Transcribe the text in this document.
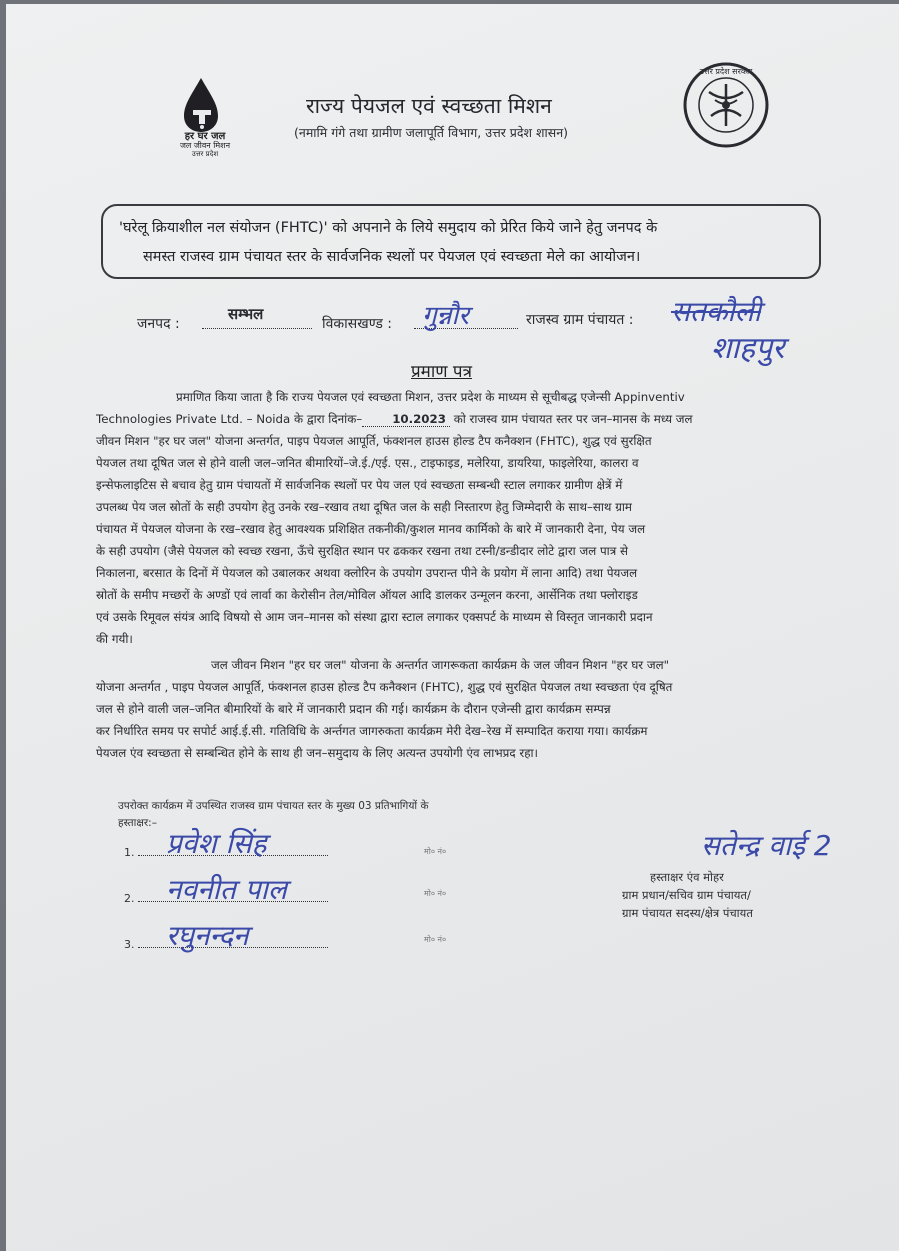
हर घर जल
जल जीवन मिशन
उत्तर प्रदेश
राज्य पेयजल एवं स्वच्छता मिशन
(नमामि गंगे तथा ग्रामीण जलापूर्ति विभाग, उत्तर प्रदेश शासन)
उत्तर प्रदेश सरकार
'घरेलू क्रियाशील नल संयोजन (FHTC)' को अपनाने के लिये समुदाय को प्रेरित किये जाने हेतु जनपद के
समस्त राजस्व ग्राम पंचायत स्तर के सार्वजनिक स्थलों पर पेयजल एवं स्वच्छता मेले का आयोजन।
जनपद :
सम्भल
विकासखण्ड : गुन्नौर	राजस्व ग्राम पंचायत : सतकौली
शाहपुर
प्रमाण पत्र
प्रमाणित किया जाता है कि राज्य पेयजल एवं स्वच्छता मिशन, उत्तर प्रदेश के माध्यम से सूचीबद्ध एजेन्सी Appinventiv
Technologies Private Ltd. – Noida के द्वारा दिनांक–	10.2023 को राजस्व ग्राम पंचायत स्तर पर जन–मानस के मध्य जल
जीवन मिशन "हर घर जल" योजना अन्तर्गत, पाइप पेयजल आपूर्ति, फंक्शनल हाउस होल्ड टैप कनैक्शन (FHTC), शुद्ध एवं सुरक्षित
पेयजल तथा दूषित जल से होने वाली जल–जनित बीमारियों–जे.ई./एई. एस., टाइफाइड, मलेरिया, डायरिया, फाइलेरिया, कालरा व
इन्सेफलाइटिस से बचाव हेतु ग्राम पंचायतों में सार्वजनिक स्थलों पर पेय जल एवं स्वच्छता सम्बन्धी स्टाल लगाकर ग्रामीण क्षेत्रें में
उपलब्ध पेय जल स्रोतों के सही उपयोग हेतु उनके रख–रखाव तथा दूषित जल के सही निस्तारण हेतु जिम्मेदारी के साथ–साथ ग्राम
पंचायत में पेयजल योजना के रख–रखाव हेतु आवश्यक प्रशिक्षित तकनीकी/कुशल मानव कार्मिको के बारे में जानकारी देना, पेय जल
के सही उपयोग (जैसे पेयजल को स्वच्छ रखना, ऊँचे सुरक्षित स्थान पर ढककर रखना तथा टस्नी/डन्डीदार लोटे द्वारा जल पात्र से
निकालना, बरसात के दिनों में पेयजल को उबालकर अथवा क्लोरिन के उपयोग उपरान्त पीने के प्रयोग में लाना आदि) तथा पेयजल
स्रोतों के समीप मच्छरों के अण्डों एवं लार्वा का केरोसीन तेल/मोविल ऑयल आदि डालकर उन्मूलन करना, आर्सेनिक तथा फ्लोराइड
एवं उसके रिमूवल संयंत्र आदि विषयो से आम जन–मानस को संस्था द्वारा स्टाल लगाकर एक्सपर्ट के माध्यम से विस्तृत जानकारी प्रदान
की गयी।
जल जीवन मिशन "हर घर जल" योजना के अन्तर्गत जागरूकता कार्यक्रम के जल जीवन मिशन "हर घर जल"
योजना अन्तर्गत , पाइप पेयजल आपूर्ति, फंक्शनल हाउस होल्ड टैप कनैक्शन (FHTC), शुद्ध एवं सुरक्षित पेयजल तथा स्वच्छता एंव दूषित
जल से होने वाली जल–जनित बीमारियों के बारे में जानकारी प्रदान की गई। कार्यक्रम के दौरान एजेन्सी द्वारा कार्यक्रम सम्पन्न
कर निर्धारित समय पर सपोर्ट आई.ई.सी. गतिविधि के अर्न्तगत जागरुकता कार्यक्रम मेरी देख–रेख में सम्पादित कराया गया। कार्यक्रम
पेयजल एंव स्वच्छता से सम्बन्धित होने के साथ ही जन–समुदाय के लिए अत्यन्त उपयोगी एंव लाभप्रद रहा।
उपरोक्त कार्यक्रम में उपस्थित राजस्व ग्राम पंचायत स्तर के मुख्य 03 प्रतिभागियों के
हस्ताक्षर:–
1.	प्रवेश सिंह	मो० नं०
2.	नवनीत पाल	मो० नं०
3.	रघुनन्दन	मो० नं०
सतेन्द्र वाई 2
हस्ताक्षर एंव मोहर
ग्राम प्रधान/सचिव ग्राम पंचायत/
ग्राम पंचायत सदस्य/क्षेत्र पंचायत
